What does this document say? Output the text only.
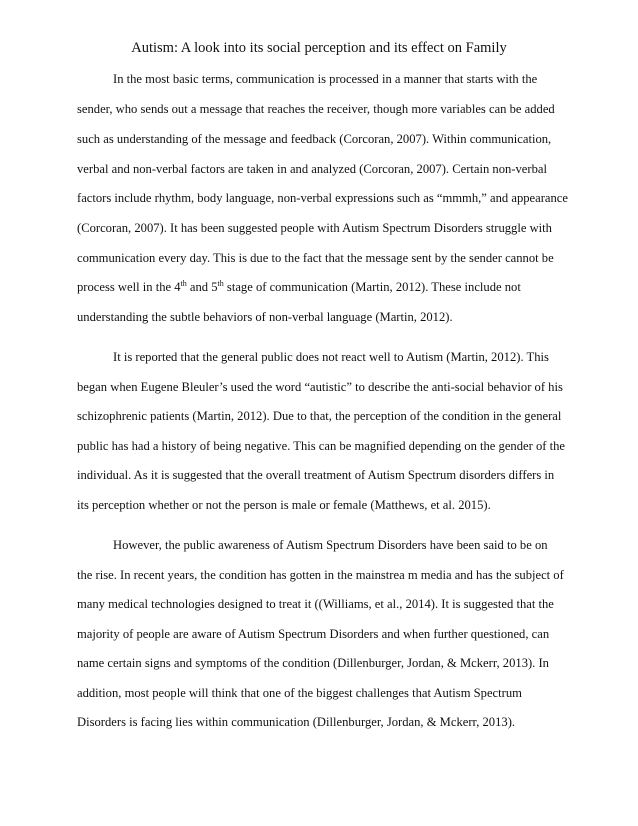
Autism: A look into its social perception and its effect on Family
In the most basic terms, communication is processed in a manner that starts with the
sender, who sends out a message that reaches the receiver, though more variables can be added
such as understanding of the message and feedback (Corcoran, 2007). Within communication,
verbal and non-verbal factors are taken in and analyzed (Corcoran, 2007). Certain non-verbal
factors include rhythm, body language, non-verbal expressions such as “mmmh,” and appearance
(Corcoran, 2007). It has been suggested people with Autism Spectrum Disorders struggle with
communication every day. This is due to the fact that the message sent by the sender cannot be
process well in the 4th and 5th stage of communication (Martin, 2012). These include not
understanding the subtle behaviors of non-verbal language (Martin, 2012).
It is reported that the general public does not react well to Autism (Martin, 2012). This
began when Eugene Bleuler’s used the word “autistic” to describe the anti-social behavior of his
schizophrenic patients (Martin, 2012). Due to that, the perception of the condition in the general
public has had a history of being negative. This can be magnified depending on the gender of the
individual. As it is suggested that the overall treatment of Autism Spectrum disorders differs in
its perception whether or not the person is male or female (Matthews, et al. 2015).
However, the public awareness of Autism Spectrum Disorders have been said to be on
the rise. In recent years, the condition has gotten in the mainstrea m media and has the subject of
many medical technologies designed to treat it ((Williams, et al., 2014). It is suggested that the
majority of people are aware of Autism Spectrum Disorders and when further questioned, can
name certain signs and symptoms of the condition (Dillenburger, Jordan, & Mckerr, 2013). In
addition, most people will think that one of the biggest challenges that Autism Spectrum
Disorders is facing lies within communication (Dillenburger, Jordan, & Mckerr, 2013).
